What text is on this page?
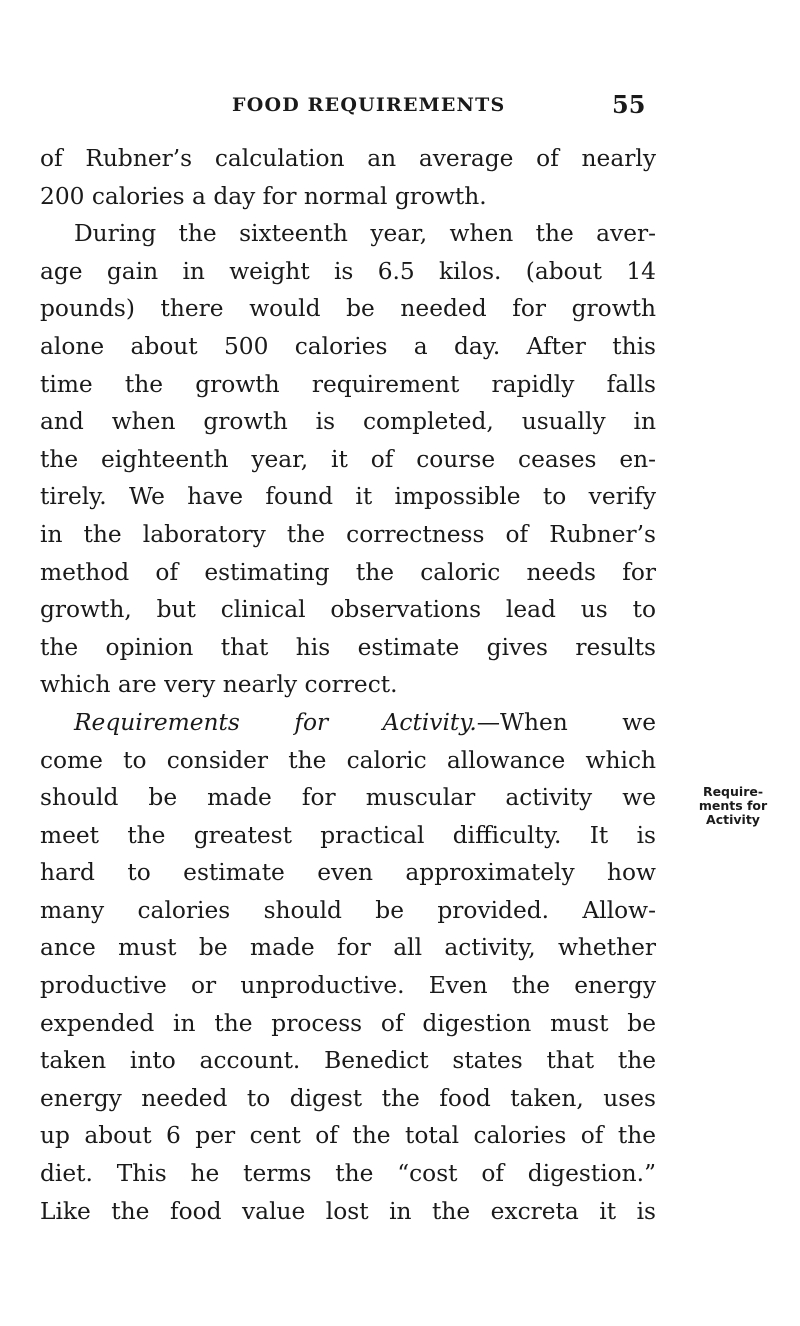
FOOD REQUIREMENTS	55
of Rubner’s calculation an average of nearly
200 calories a day for normal growth.
During the sixteenth year, when the aver-
age gain in weight is 6.5 kilos. (about 14
pounds) there would be needed for growth
alone about 500 calories a day. After this
time the growth requirement rapidly falls
and when growth is completed, usually in
the eighteenth year, it of course ceases en-
tirely. We have found it impossible to verify
in the laboratory the correctness of Rubner’s
method of estimating the caloric needs for
growth, but clinical observations lead us to
the opinion that his estimate gives results
which are very nearly correct.
Requirements for Activity.—When we
come to consider the caloric allowance which
should be made for muscular activity we
meet the greatest practical difficulty. It is
hard to estimate even approximately how
many calories should be provided. Allow-
ance must be made for all activity, whether
productive or unproductive. Even the energy
expended in the process of digestion must be
taken into account. Benedict states that the
energy needed to digest the food taken, uses
up about 6 per cent of the total calories of the
diet. This he terms the “cost of digestion.”
Like the food value lost in the excreta it is
Require-
ments for
Activity
